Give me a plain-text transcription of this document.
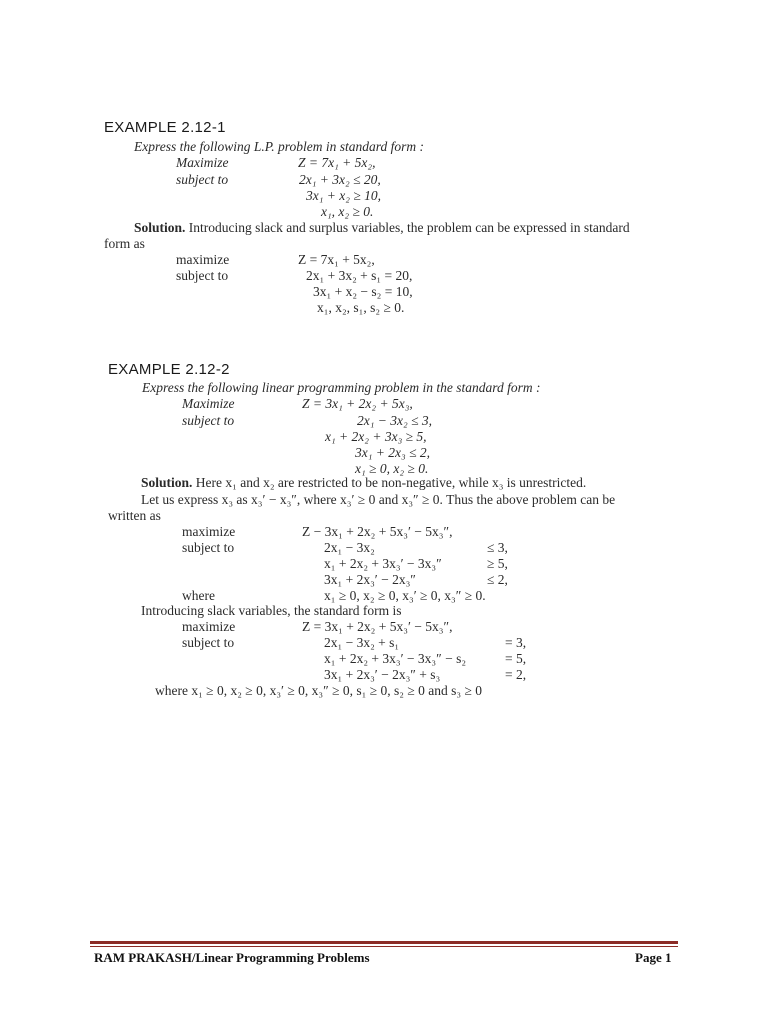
EXAMPLE 2.12-1
Express the following L.P. problem in standard form :
Maximize	Z = 7x₁ + 5x₂,
subject to	2x₁ + 3x₂ ≤ 20,
3x₁ + x₂ ≥ 10,
x₁, x₂ ≥ 0.
Solution. Introducing slack and surplus variables, the problem can be expressed in standard
form as
maximize	Z = 7x₁ + 5x₂,
subject to	2x₁ + 3x₂ + s₁ = 20,
3x₁ + x₂ − s₂ = 10,
x₁, x₂, s₁, s₂ ≥ 0.
EXAMPLE 2.12-2
Express the following linear programming problem in the standard form :
Maximize	Z = 3x₁ + 2x₂ + 5x₃,
subject to	2x₁ − 3x₂ ≤ 3,
x₁ + 2x₂ + 3x₃ ≥ 5,
3x₁ + 2x₃ ≤ 2,
x₁ ≥ 0, x₂ ≥ 0.
Solution. Here x₁ and x₂ are restricted to be non-negative, while x₃ is unrestricted.
Let us express x₃ as x₃′ − x₃″, where x₃′ ≥ 0 and x₃″ ≥ 0. Thus the above problem can be
written as
maximize	Z − 3x₁ + 2x₂ + 5x₃′ − 5x₃″,
subject to	2x₁ − 3x₂	≤ 3,
x₁ + 2x₂ + 3x₃′ − 3x₃″	≥ 5,
3x₁ + 2x₃′ − 2x₃″	≤ 2,
where	x₁ ≥ 0, x₂ ≥ 0, x₃′ ≥ 0, x₃″ ≥ 0.
Introducing slack variables, the standard form is
maximize	Z = 3x₁ + 2x₂ + 5x₃′ − 5x₃″,
subject to	2x₁ − 3x₂ + s₁	= 3,
x₁ + 2x₂ + 3x₃′ − 3x₃″ − s₂	= 5,
3x₁ + 2x₃′ − 2x₃″ + s₃	= 2,
where x₁ ≥ 0, x₂ ≥ 0, x₃′ ≥ 0, x₃″ ≥ 0, s₁ ≥ 0, s₂ ≥ 0 and s₃ ≥ 0
RAM PRAKASH/Linear Programming Problems	Page 1
